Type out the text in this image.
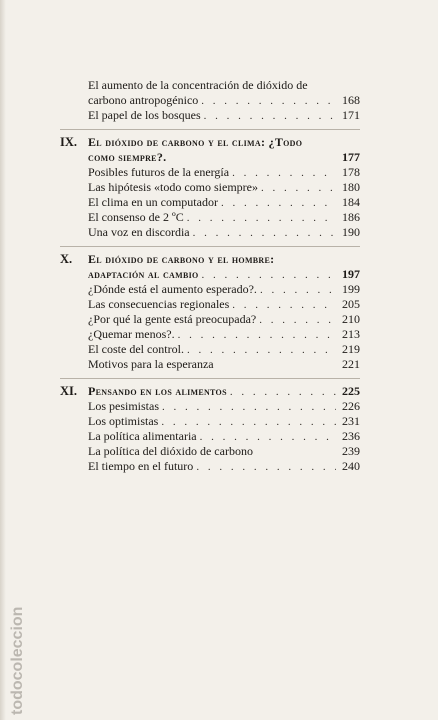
todocoleccion
El aumento de la concentración de dióxido de
carbono antropogénico . . .	168
El papel de los bosques . . .	171
IX. El dióxido de carbono y el clima: ¿Todo
como siempre?.	177
Posibles futuros de la energía . . .	178
Las hipótesis «todo como siempre» . . .	180
El clima en un computador . . .	184
El consenso de 2 ºC . . .	186
Una voz en discordia . . .	190
X.	El dióxido de carbono y el hombre:
adaptación al cambio . . .	197
¿Dónde está el aumento esperado?. . . .	199
Las consecuencias regionales . . .	205
¿Por qué la gente está preocupada? . . .	210
¿Quemar menos?. . . .	213
El coste del control. . . .	219
Motivos para la esperanza	221
XI. Pensando en los alimentos . . .	225
Los pesimistas . . .	226
Los optimistas . . .	231
La política alimentaria . . .	236
La política del dióxido de carbono	239
El tiempo en el futuro . . .	240
